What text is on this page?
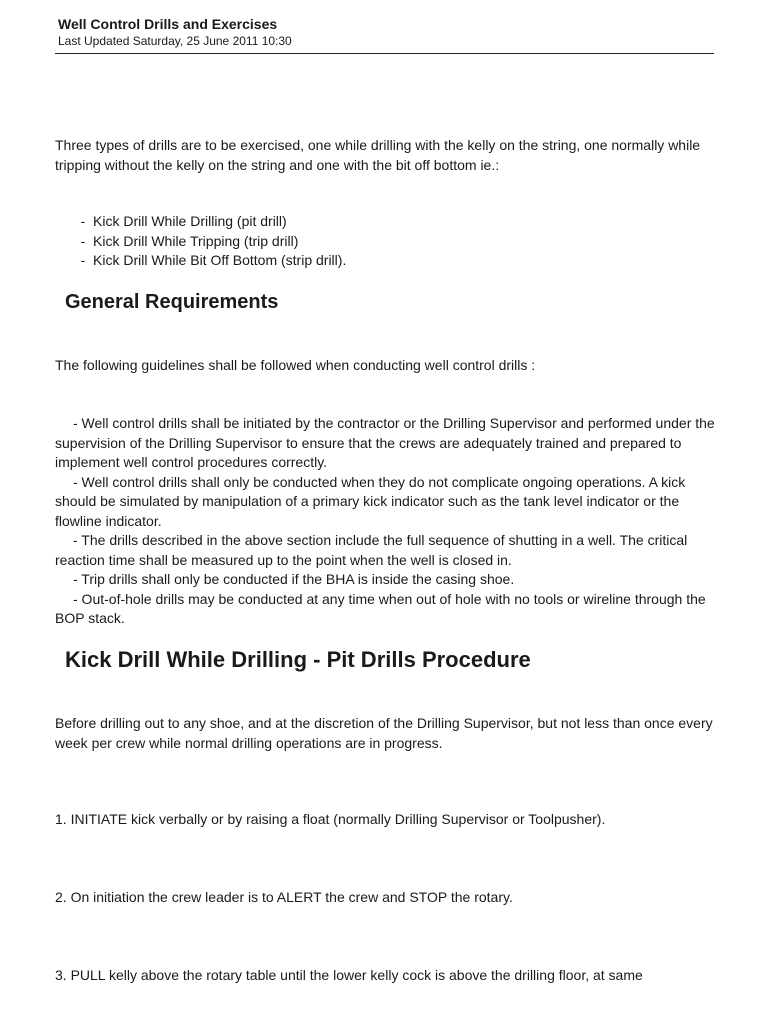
Well Control Drills and Exercises
Last Updated Saturday, 25 June 2011 10:30

Three types of drills are to be exercised, one while drilling with the kelly on the string, one normally while tripping without the kelly on the string and one with the bit off bottom ie.:

-  Kick Drill While Drilling (pit drill)
-  Kick Drill While Tripping (trip drill)
-  Kick Drill While Bit Off Bottom (strip drill).
General Requirements

The following guidelines shall be followed when conducting well control drills :

- Well control drills shall be initiated by the contractor or the Drilling Supervisor and performed under the supervision of the Drilling Supervisor to ensure that the crews are adequately trained and prepared to implement well control procedures correctly.
- Well control drills shall only be conducted when they do not complicate ongoing operations. A kick should be simulated by manipulation of a primary kick indicator such as the tank level indicator or the flowline indicator.
- The drills described in the above section include the full sequence of shutting in a well. The critical reaction time shall be measured up to the point when the well is closed in.
- Trip drills shall only be conducted if the BHA is inside the casing shoe.
- Out-of-hole drills may be conducted at any time when out of hole with no tools or wireline through the BOP stack.
Kick Drill While Drilling - Pit Drills Procedure

Before drilling out to any shoe, and at the discretion of the Drilling Supervisor, but not less than once every week per crew while normal drilling operations are in progress.

1. INITIATE kick verbally or by raising a float (normally Drilling Supervisor or Toolpusher).

2. On initiation the crew leader is to ALERT the crew and STOP the rotary.

3. PULL kelly above the rotary table until the lower kelly cock is above the drilling floor, at same
